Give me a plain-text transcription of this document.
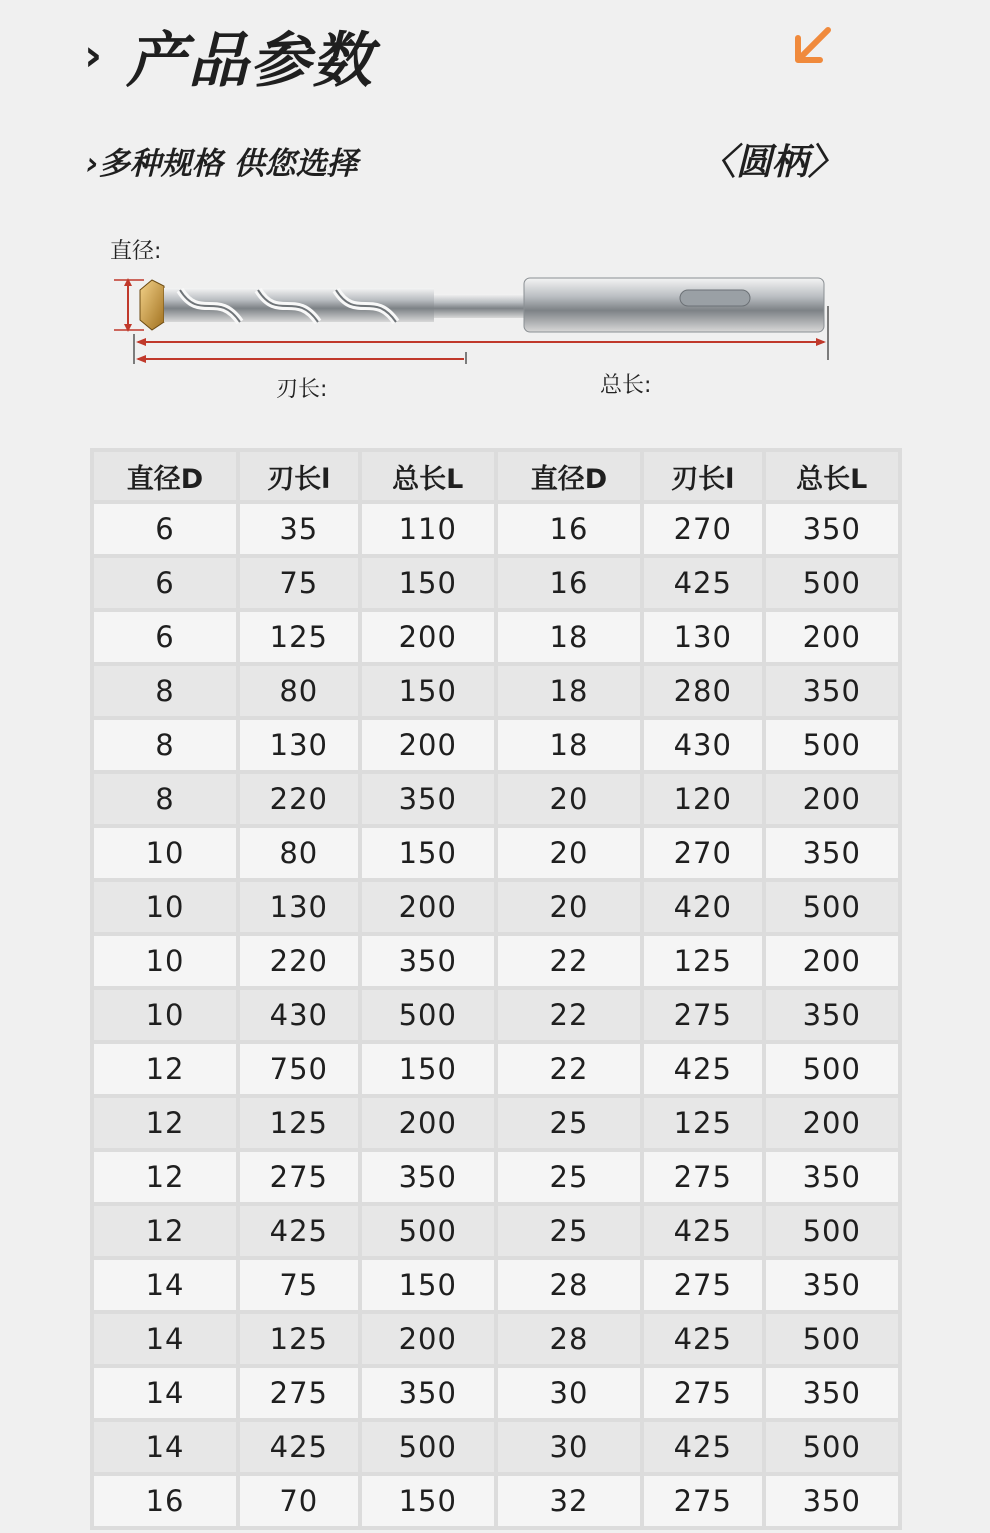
› 产品参数
›多种规格 供您选择	〈圆柄〉
直径:
刃长:	总长:
直径D	刃长l	总长L	直径D	刃长l	总长L
6	35	110	16	270	350
6	75	150	16	425	500
6	125	200	18	130	200
8	80	150	18	280	350
8	130	200	18	430	500
8	220	350	20	120	200
10	80	150	20	270	350
10	130	200	20	420	500
10	220	350	22	125	200
10	430	500	22	275	350
12	750	150	22	425	500
12	125	200	25	125	200
12	275	350	25	275	350
12	425	500	25	425	500
14	75	150	28	275	350
14	125	200	28	425	500
14	275	350	30	275	350
14	425	500	30	425	500
16	70	150	32	275	350
